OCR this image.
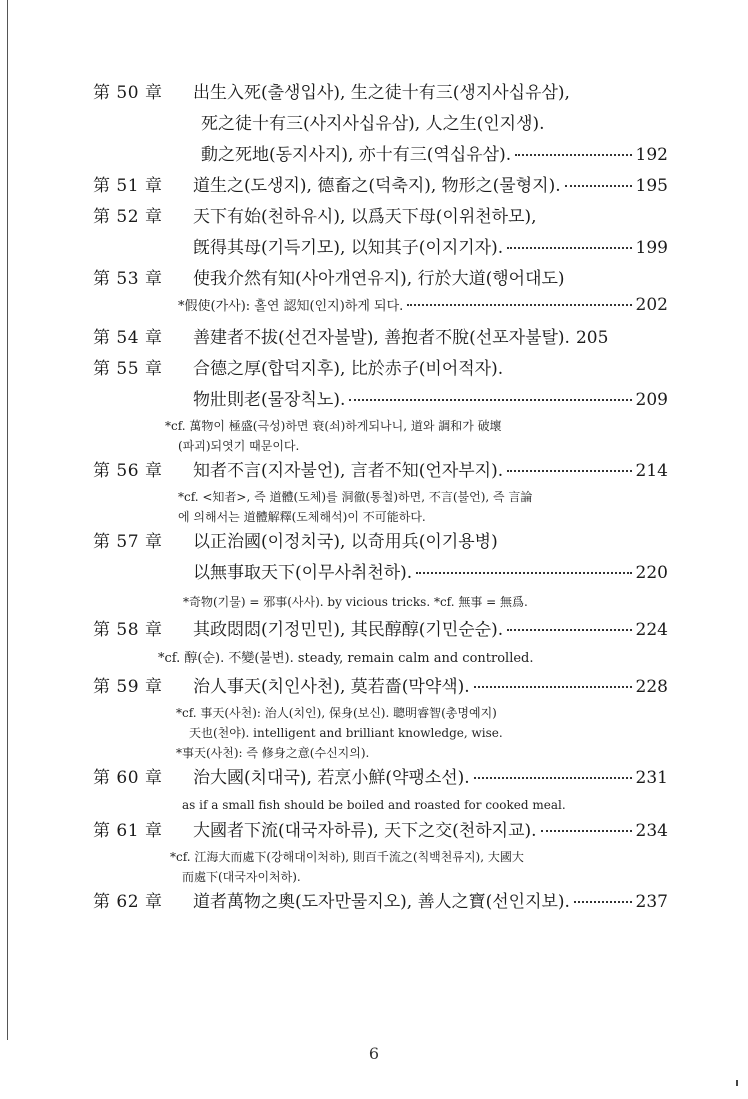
第 50 章	出生入死(출생입사), 生之徒十有三(생지사십유삼),
死之徒十有三(사지사십유삼), 人之生(인지생).
動之死地(동지사지), 亦十有三(역십유삼).	192
第 51 章	道生之(도생지), 德畜之(덕축지), 物形之(물형지).	195
第 52 章	天下有始(천하유시), 以爲天下母(이위천하모),
旣得其母(기득기모), 以知其子(이지기자).	199
第 53 章	使我介然有知(사아개연유지), 行於大道(행어대도)
*假使(가사): 홀연 認知(인지)하게 되다.	202
第 54 章	善建者不拔(선건자불발), 善抱者不脫(선포자불탈). 205
第 55 章	合德之厚(합덕지후), 比於赤子(비어적자).
物壯則老(물장칙노).	209
*cf. 萬物이 極盛(극성)하면 衰(쇠)하게되나니, 道와 調和가 破壞
(파괴)되엿기 때문이다.
第 56 章	知者不言(지자불언), 言者不知(언자부지).	214
*cf. <知者>, 즉 道體(도체)를 洞徹(통철)하면, 不言(불언), 즉 言論
에 의해서는 道體解釋(도체해석)이 不可能하다.
第 57 章	以正治國(이정치국), 以奇用兵(이기용병)
以無事取天下(이무사취천하).	220
*奇物(기물) = 邪事(사사). by vicious tricks. *cf. 無事 = 無爲.
第 58 章	其政悶悶(기정민민), 其民醇醇(기민순순).	224
*cf. 醇(순). 不變(불변). steady, remain calm and controlled.
第 59 章	治人事天(치인사천), 莫若嗇(막약색).	228
*cf. 事天(사천): 治人(치인), 保身(보신). 聰明睿智(총명예지)
天也(천야). intelligent and brilliant knowledge, wise.
*事天(사천): 즉 修身之意(수신지의).
第 60 章	治大國(치대국), 若烹小鮮(약팽소선).	231
as if a small fish should be boiled and roasted for cooked meal.
第 61 章	大國者下流(대국자하류), 天下之交(천하지교).	234
*cf. 江海大而處下(강해대이처하), 則百千流之(칙백천류지), 大國大
而處下(대국자이처하).
第 62 章	道者萬物之奧(도자만물지오), 善人之寶(선인지보).	237
6
